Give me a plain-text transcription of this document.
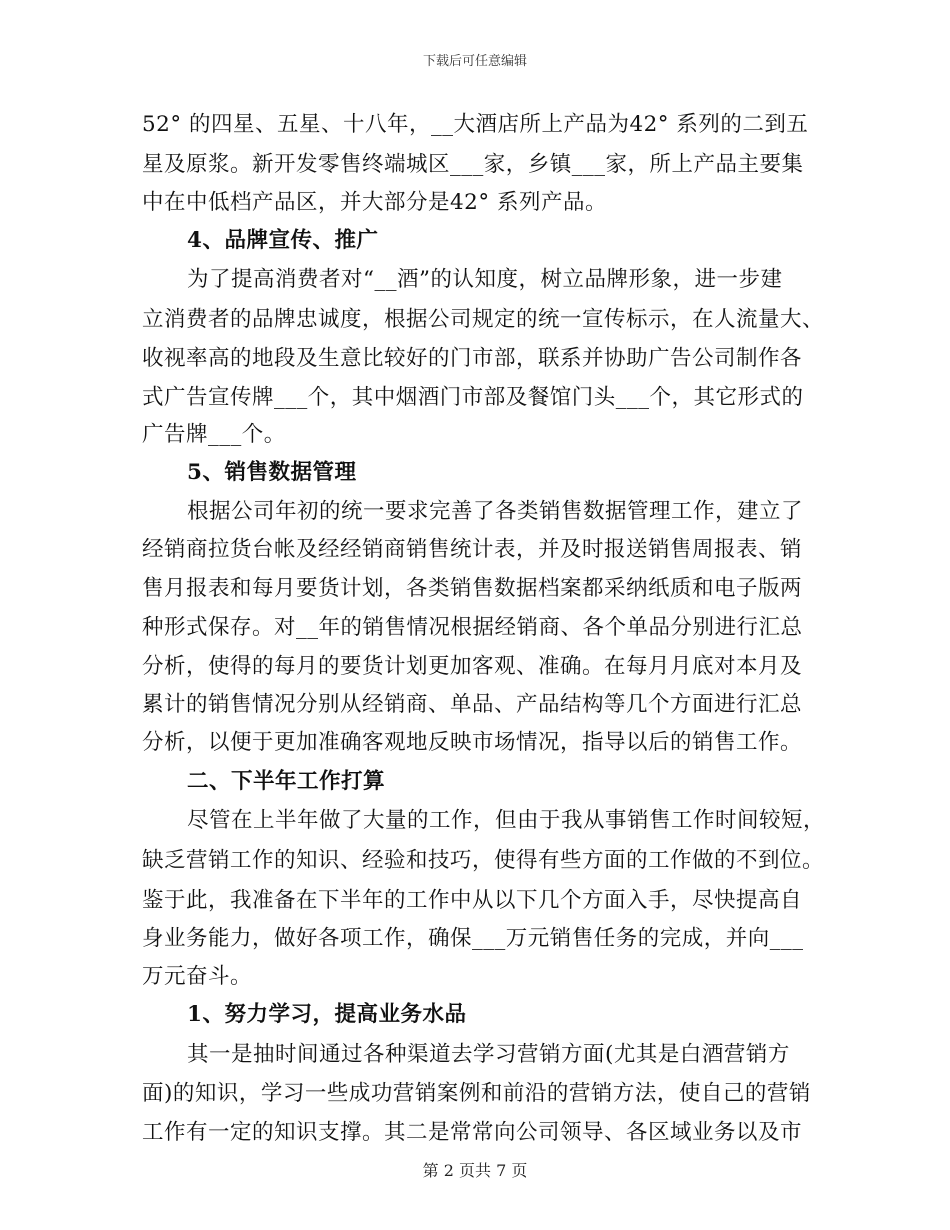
下载后可任意编辑
52° 的四星、五星、十八年，__大酒店所上产品为42° 系列的二到五
星及原浆。新开发零售终端城区___家，乡镇___家，所上产品主要集
中在中低档产品区，并大部分是42° 系列产品。
4、品牌宣传、推广
为了提高消费者对“__酒”的认知度，树立品牌形象，进一步建
立消费者的品牌忠诚度，根据公司规定的统一宣传标示，在人流量大、
收视率高的地段及生意比较好的门市部，联系并协助广告公司制作各
式广告宣传牌___个，其中烟酒门市部及餐馆门头___个，其它形式的
广告牌___个。
5、销售数据管理
根据公司年初的统一要求完善了各类销售数据管理工作，建立了
经销商拉货台帐及经经销商销售统计表，并及时报送销售周报表、销
售月报表和每月要货计划，各类销售数据档案都采纳纸质和电子版两
种形式保存。对__年的销售情况根据经销商、各个单品分别进行汇总
分析，使得的每月的要货计划更加客观、准确。在每月月底对本月及
累计的销售情况分别从经销商、单品、产品结构等几个方面进行汇总
分析，以便于更加准确客观地反映市场情况，指导以后的销售工作。
二、下半年工作打算
尽管在上半年做了大量的工作，但由于我从事销售工作时间较短，
缺乏营销工作的知识、经验和技巧，使得有些方面的工作做的不到位。
鉴于此，我准备在下半年的工作中从以下几个方面入手，尽快提高自
身业务能力，做好各项工作，确保___万元销售任务的完成，并向___
万元奋斗。
1、努力学习，提高业务水品
其一是抽时间通过各种渠道去学习营销方面(尤其是白酒营销方
面)的知识，学习一些成功营销案例和前沿的营销方法，使自己的营销
工作有一定的知识支撑。其二是常常向公司领导、各区域业务以及市
第 2 页共 7 页
